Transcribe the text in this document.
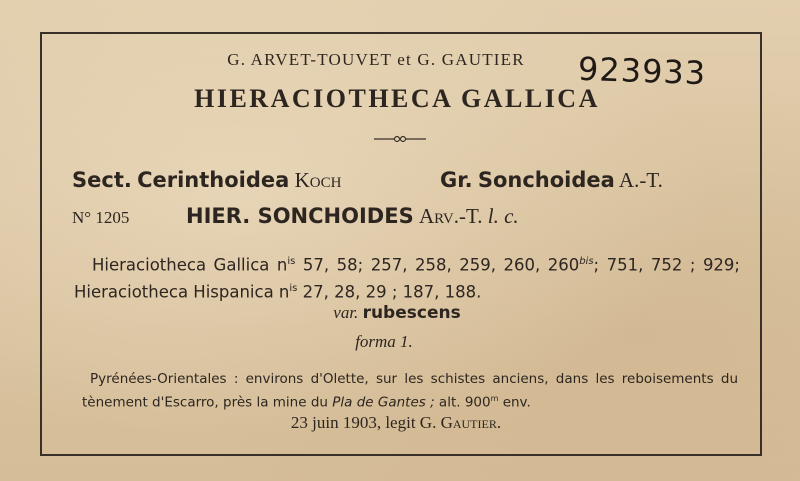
G. ARVET-TOUVET et G. GAUTIER	923933
HIERACIOTHECA GALLICA
Sect. Cerinthoidea Koch	Gr. Sonchoidea A.-T.
N° 1205	HIER. SONCHOIDES Arv.-T. l. c.
Hieraciotheca Gallica $n^{is}$ 57, 58; 257, 258, 259, 260, $260^{bis}$; 751, 752 ; 929; Hieraciotheca Hispanica $n^{is}$ 27, 28, 29 ; 187, 188.
var. rubescens
forma 1.
Pyrénées-Orientales : environs d'Olette, sur les schistes anciens, dans les reboisements du tènement d'Escarro, près la mine du Pla de Gantes ; alt. 900$^m$ env.
23 juin 1903, legit G. Gautier.
